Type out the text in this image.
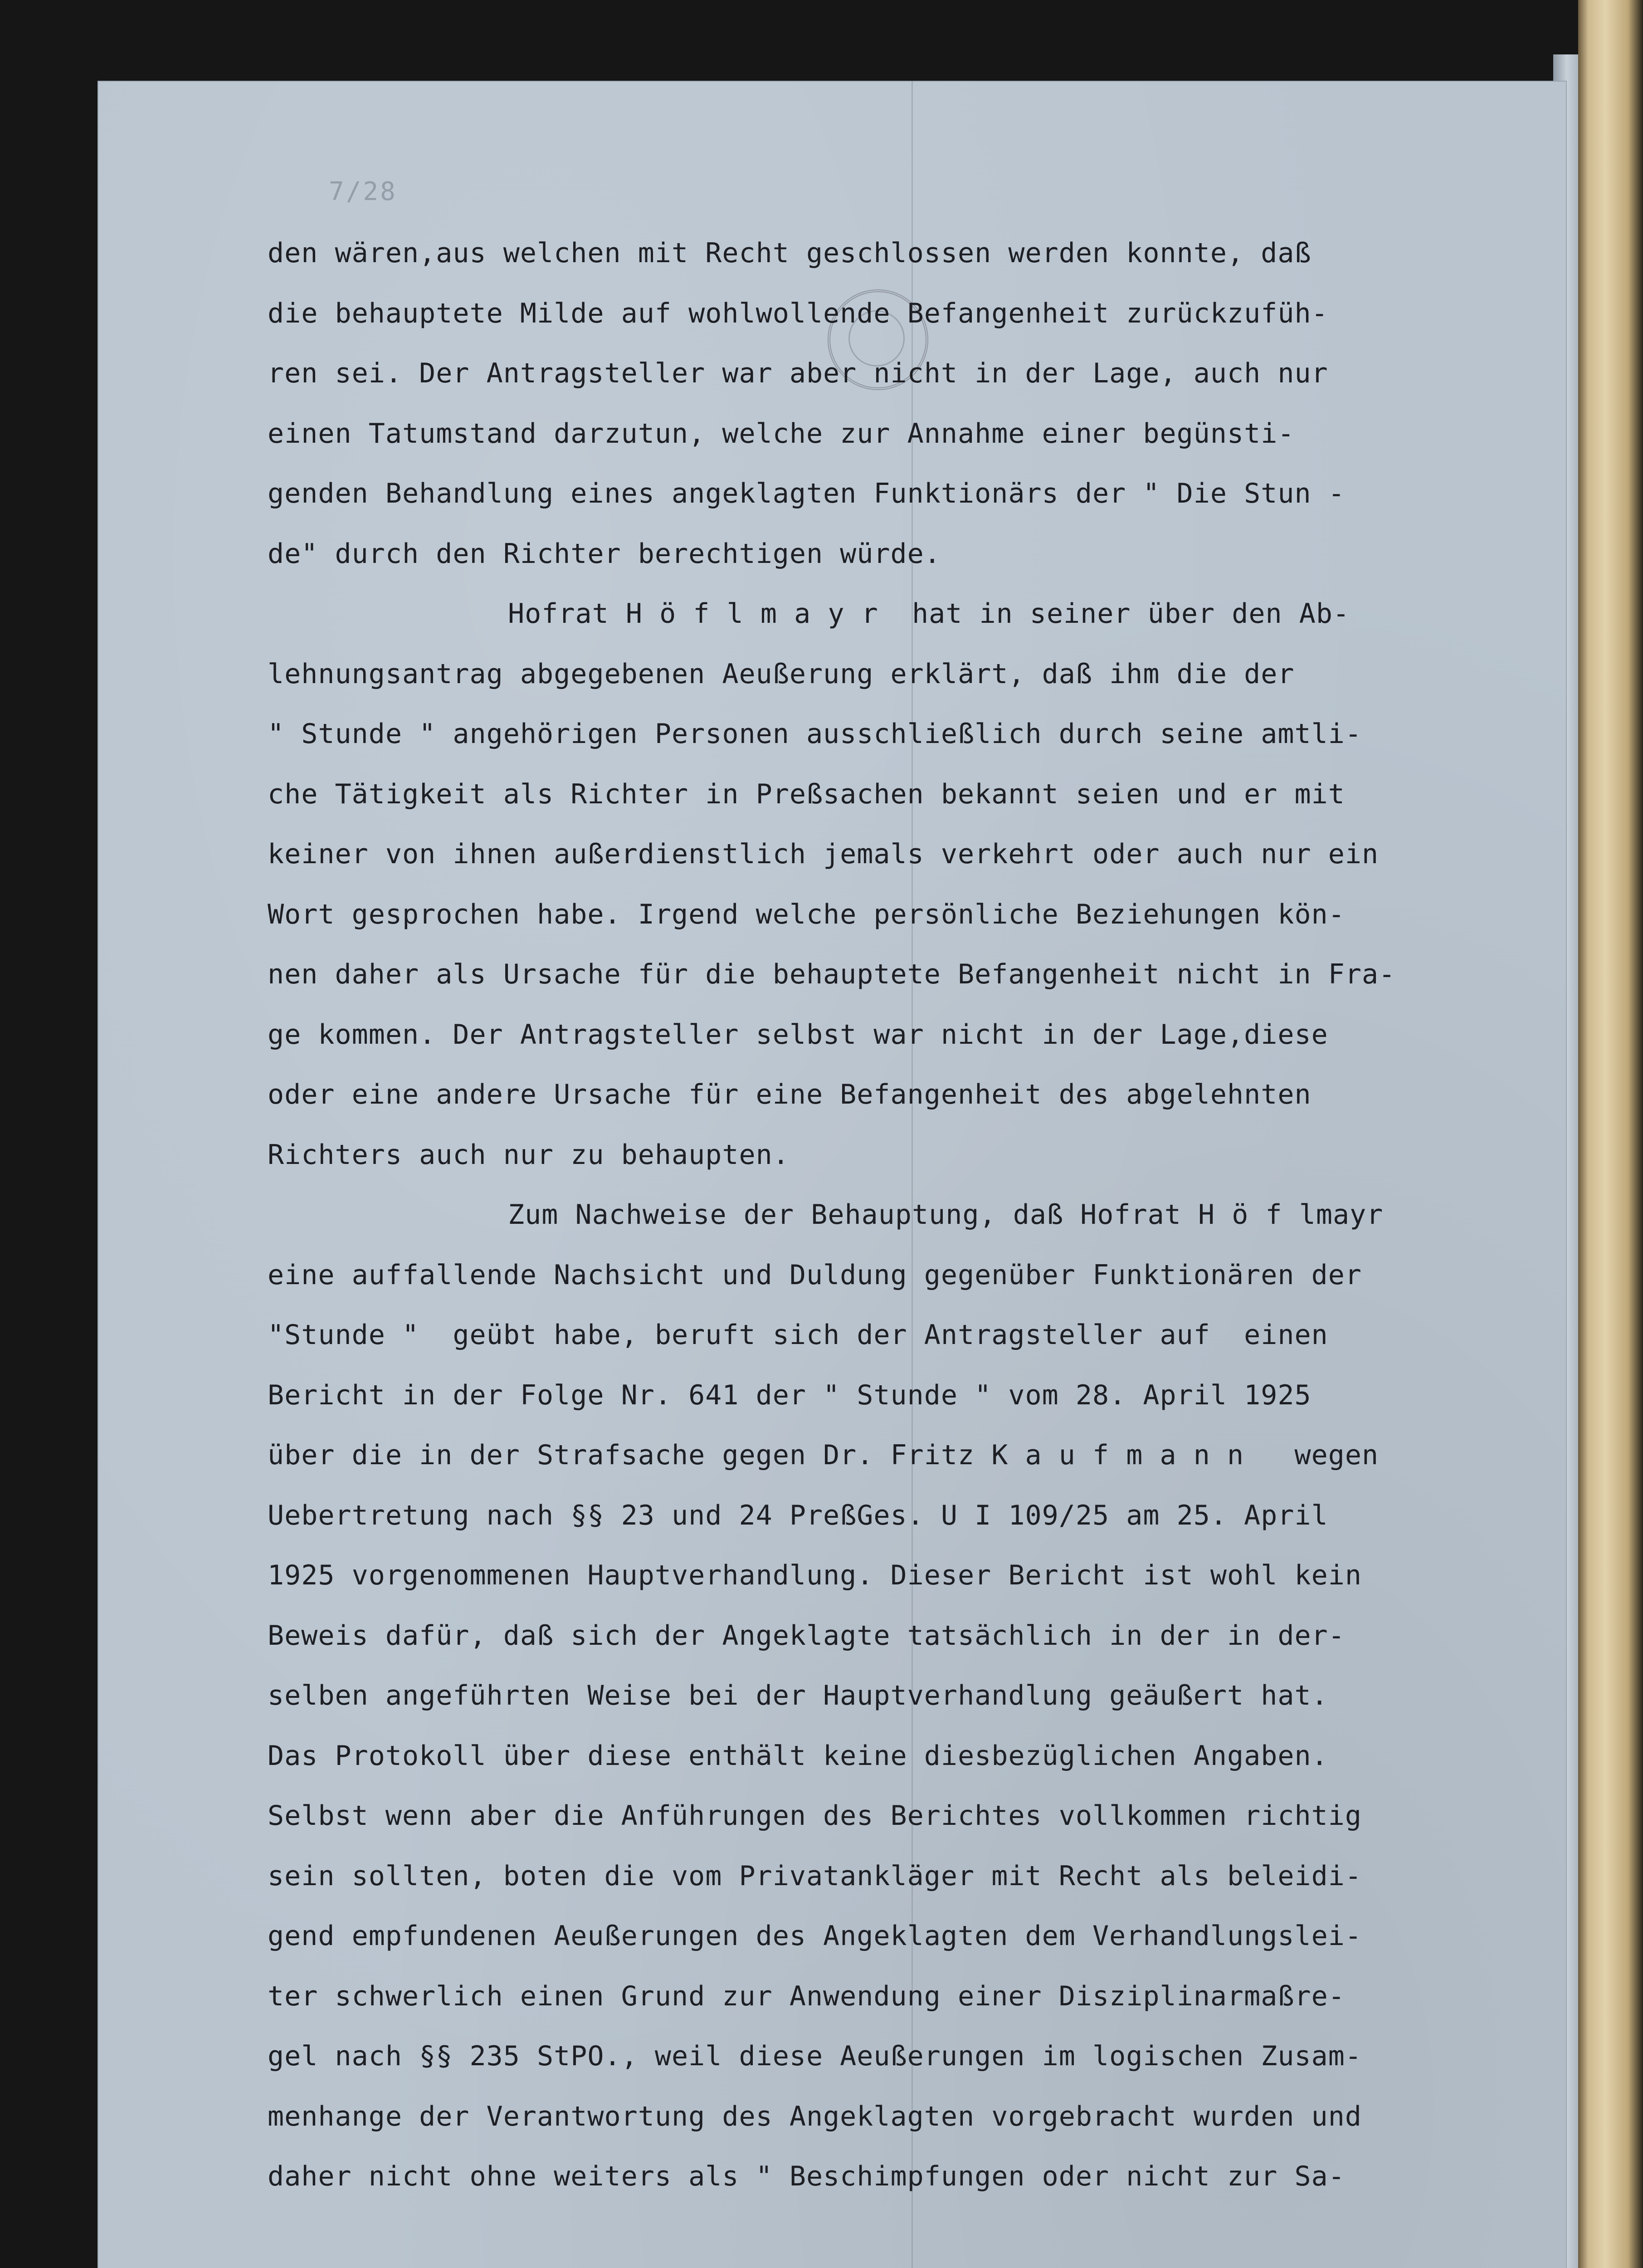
7/28
den wären,aus welchen mit Recht geschlossen werden konnte, daß
die behauptete Milde auf wohlwollende Befangenheit zurückzufüh-
ren sei. Der Antragsteller war aber nicht in der Lage, auch nur
einen Tatumstand darzutun, welche zur Annahme einer begünsti-
genden Behandlung eines angeklagten Funktionärs der " Die Stun -
de" durch den Richter berechtigen würde.
Hofrat H ö f l m a y r  hat in seiner über den Ab-
lehnungsantrag abgegebenen Aeußerung erklärt, daß ihm die der
" Stunde " angehörigen Personen ausschließlich durch seine amtli-
che Tätigkeit als Richter in Preßsachen bekannt seien und er mit
keiner von ihnen außerdienstlich jemals verkehrt oder auch nur ein
Wort gesprochen habe. Irgend welche persönliche Beziehungen kön-
nen daher als Ursache für die behauptete Befangenheit nicht in Fra-
ge kommen. Der Antragsteller selbst war nicht in der Lage,diese
oder eine andere Ursache für eine Befangenheit des abgelehnten
Richters auch nur zu behaupten.
Zum Nachweise der Behauptung, daß Hofrat H ö f lmayr
eine auffallende Nachsicht und Duldung gegenüber Funktionären der
"Stunde "  geübt habe, beruft sich der Antragsteller auf  einen
Bericht in der Folge Nr. 641 der " Stunde " vom 28. April 1925
über die in der Strafsache gegen Dr. Fritz K a u f m a n n   wegen
Uebertretung nach §§ 23 und 24 PreßGes. U I 109/25 am 25. April
1925 vorgenommenen Hauptverhandlung. Dieser Bericht ist wohl kein
Beweis dafür, daß sich der Angeklagte tatsächlich in der in der-
selben angeführten Weise bei der Hauptverhandlung geäußert hat.
Das Protokoll über diese enthält keine diesbezüglichen Angaben.
Selbst wenn aber die Anführungen des Berichtes vollkommen richtig
sein sollten, boten die vom Privatankläger mit Recht als beleidi-
gend empfundenen Aeußerungen des Angeklagten dem Verhandlungslei-
ter schwerlich einen Grund zur Anwendung einer Disziplinarmaßre-
gel nach §§ 235 StPO., weil diese Aeußerungen im logischen Zusam-
menhange der Verantwortung des Angeklagten vorgebracht wurden und
daher nicht ohne weiters als " Beschimpfungen oder nicht zur Sa-
